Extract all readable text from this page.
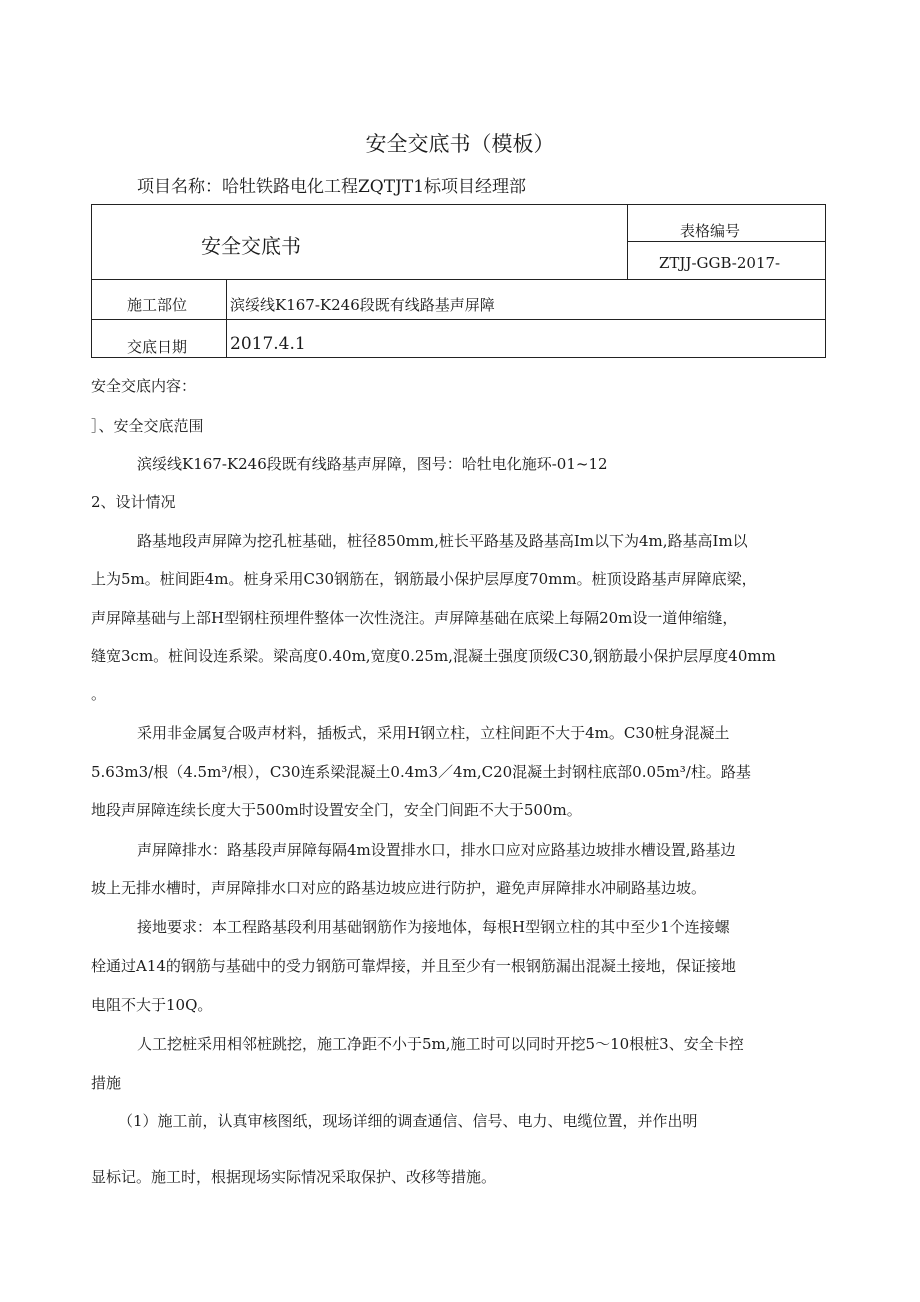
安全交底书（模板）
项目名称：哈牡铁路电化工程ZQTJT1标项目经理部
安全交底书
表格编号
ZTJJ-GGB-2017-
施工部位	滨绥线K167-K246段既有线路基声屏障
交底日期	2017.4.1
安全交底内容：
］、安全交底范围
滨绥线K167-K246段既有线路基声屏障，图号：哈牡电化施环-01~12
2、设计情况
路基地段声屏障为挖孔桩基础，桩径850mm,桩长平路基及路基高Im以下为4m,路基高Im以
上为5m。桩间距4m。桩身采用C30钢筋在，钢筋最小保护层厚度70mm。桩顶设路基声屏障底梁，
声屏障基础与上部H型钢柱预埋件整体一次性浇注。声屏障基础在底梁上每隔20m设一道伸缩缝，
缝宽3cm。桩间设连系梁。梁高度0.40m,宽度0.25m,混凝土强度顶级C30,钢筋最小保护层厚度40mm
。
采用非金属复合吸声材料，插板式，采用H钢立柱，立柱间距不大于4m。C30桩身混凝土
5.63m3/根（4.5m³/根），C30连系梁混凝土0.4m3／4m,C20混凝土封钢柱底部0.05m³/柱。路基
地段声屏障连续长度大于500m时设置安全门，安全门间距不大于500m。
声屏障排水：路基段声屏障每隔4m设置排水口，排水口应对应路基边坡排水槽设置,路基边
坡上无排水槽时，声屏障排水口对应的路基边坡应进行防护，避免声屏障排水冲刷路基边坡。
接地要求：本工程路基段利用基础钢筋作为接地体，每根H型钢立柱的其中至少1个连接螺
栓通过A14的钢筋与基础中的受力钢筋可靠焊接，并且至少有一根钢筋漏出混凝土接地，保证接地
电阻不大于10Q。
人工挖桩采用相邻桩跳挖，施工净距不小于5m,施工时可以同时开挖5～10根桩3、安全卡控
措施
（1）施工前，认真审核图纸，现场详细的调查通信、信号、电力、电缆位置，并作出明
显标记。施工时，根据现场实际情况采取保护、改移等措施。
